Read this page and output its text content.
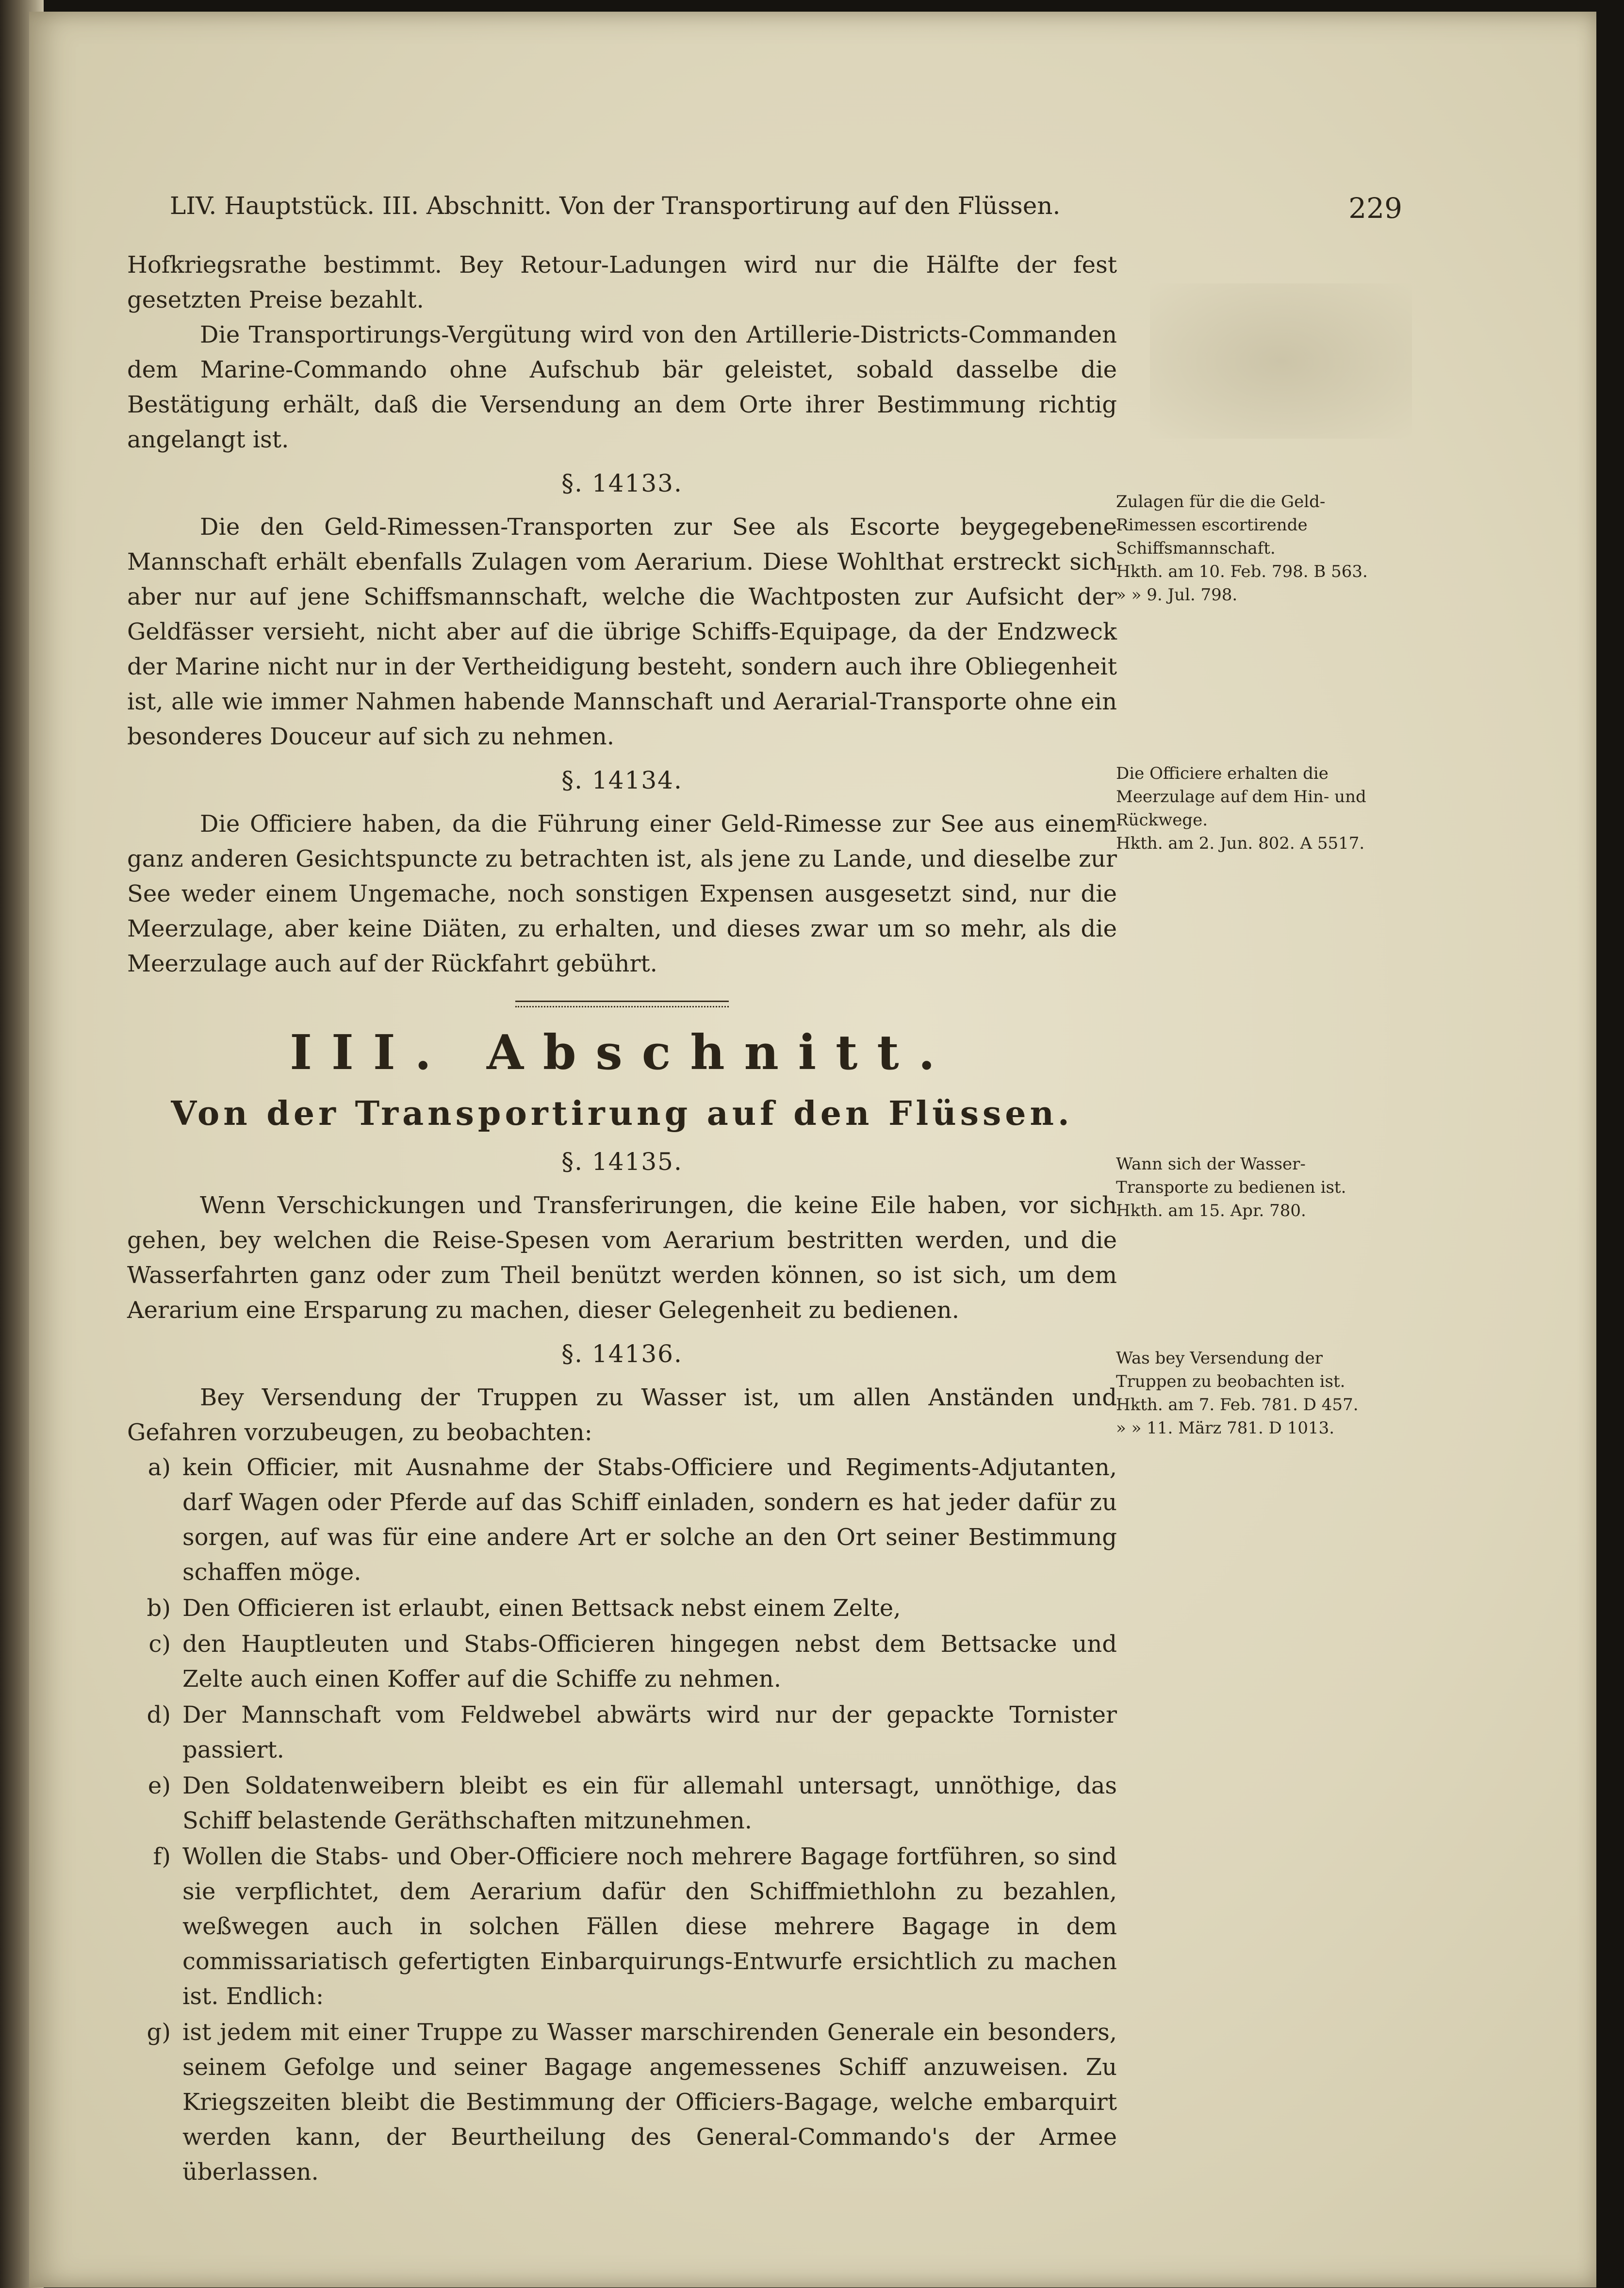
LIV. Hauptstück. III. Abschnitt. Von der Transportirung auf den Flüssen.	229

Hofkriegsrathe bestimmt. Bey Retour-Ladungen wird nur die Hälfte der fest gesetzten Preise bezahlt.

Die Transportirungs-Vergütung wird von den Artillerie-Districts-Commanden dem Marine-Commando ohne Aufschub bär geleistet, sobald dasselbe die Bestätigung erhält, daß die Versendung an dem Orte ihrer Bestimmung richtig angelangt ist.

§. 14133.

Die den Geld-Rimessen-Transporten zur See als Escorte beygegebene Mannschaft erhält ebenfalls Zulagen vom Aerarium. Diese Wohlthat erstreckt sich aber nur auf jene Schiffsmannschaft, welche die Wachtposten zur Aufsicht der Geldfässer versieht, nicht aber auf die übrige Schiffs-Equipage, da der Endzweck der Marine nicht nur in der Vertheidigung besteht, sondern auch ihre Obliegenheit ist, alle wie immer Nahmen habende Mannschaft und Aerarial-Transporte ohne ein besonderes Douceur auf sich zu nehmen.

§. 14134.

Die Officiere haben, da die Führung einer Geld-Rimesse zur See aus einem ganz anderen Gesichtspuncte zu betrachten ist, als jene zu Lande, und dieselbe zur See weder einem Ungemache, noch sonstigen Expensen ausgesetzt sind, nur die Meerzulage, aber keine Diäten, zu erhalten, und dieses zwar um so mehr, als die Meerzulage auch auf der Rückfahrt gebührt.

III. Abschnitt.
Von der Transportirung auf den Flüssen.
§. 14135.

Wenn Verschickungen und Transferirungen, die keine Eile haben, vor sich gehen, bey welchen die Reise-Spesen vom Aerarium bestritten werden, und die Wasserfahrten ganz oder zum Theil benützt werden können, so ist sich, um dem Aerarium eine Ersparung zu machen, dieser Gelegenheit zu bedienen.

§. 14136.

Bey Versendung der Truppen zu Wasser ist, um allen Anständen und Gefahren vorzubeugen, zu beobachten:

a) kein Officier, mit Ausnahme der Stabs-Officiere und Regiments-Adjutanten, darf Wagen oder Pferde auf das Schiff einladen, sondern es hat jeder dafür zu sorgen, auf was für eine andere Art er solche an den Ort seiner Bestimmung schaffen möge.
b) Den Officieren ist erlaubt, einen Bettsack nebst einem Zelte,
c) den Hauptleuten und Stabs-Officieren hingegen nebst dem Bettsacke und Zelte auch einen Koffer auf die Schiffe zu nehmen.
d) Der Mannschaft vom Feldwebel abwärts wird nur der gepackte Tornister passiert.
e) Den Soldatenweibern bleibt es ein für allemahl untersagt, unnöthige, das Schiff belastende Geräthschaften mitzunehmen.
f) Wollen die Stabs- und Ober-Officiere noch mehrere Bagage fortführen, so sind sie verpflichtet, dem Aerarium dafür den Schiffmiethlohn zu bezahlen, weßwegen auch in solchen Fällen diese mehrere Bagage in dem commissariatisch gefertigten Einbarquirungs-Entwurfe ersichtlich zu machen ist. Endlich:
g) ist jedem mit einer Truppe zu Wasser marschirenden Generale ein besonders, seinem Gefolge und seiner Bagage angemessenes Schiff anzuweisen. Zu Kriegszeiten bleibt die Bestimmung der Officiers-Bagage, welche embarquirt werden kann, der Beurtheilung des General-Commando's der Armee überlassen.

Zulagen für die die Geld-Rimessen escortirende Schiffsmannschaft.

Hkth. am 10. Feb. 798. B 563.

» » 9. Jul. 798.

Die Officiere erhalten die Meerzulage auf dem Hin- und Rückwege.

Hkth. am 2. Jun. 802. A 5517.

Wann sich der Wasser-Transporte zu bedienen ist.

Hkth. am 15. Apr. 780.

Was bey Versendung der Truppen zu beobachten ist.

Hkth. am 7. Feb. 781. D 457.

» » 11. März 781. D 1013.
